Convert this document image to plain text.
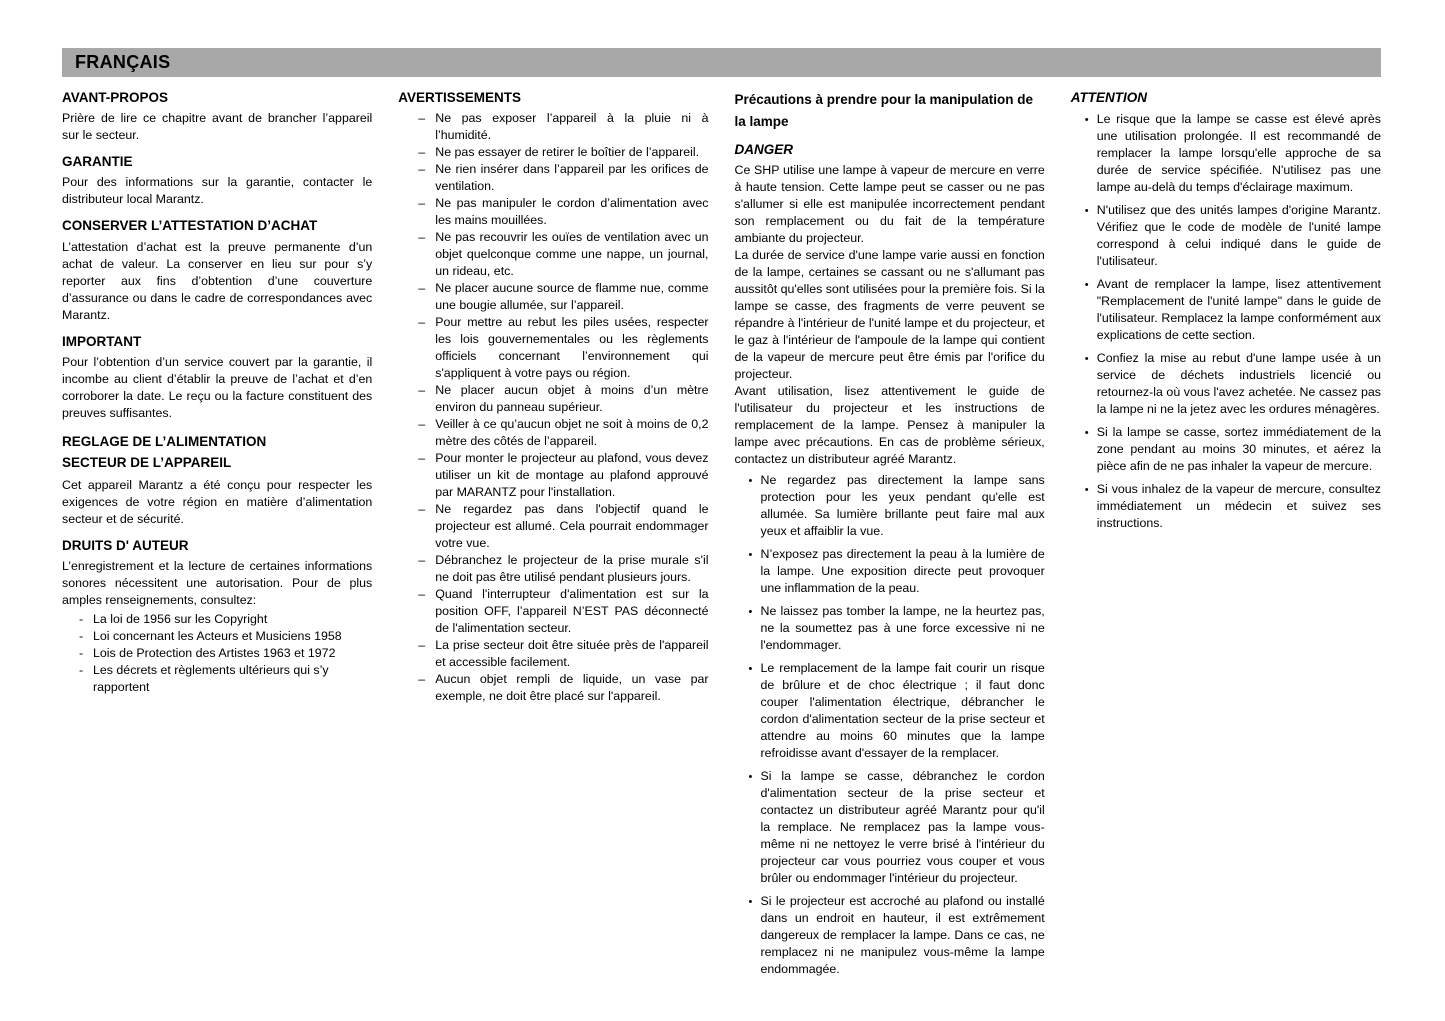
FRANÇAIS
AVANT-PROPOS

Prière de lire ce chapitre avant de brancher l’appareil sur le secteur.

GARANTIE

Pour des informations sur la garantie, contacter le distributeur local Marantz.

CONSERVER L’ATTESTATION D’ACHAT

L’attestation d’achat est la preuve permanente d’un achat de valeur. La conserver en lieu sur pour s’y reporter aux fins d’obtention d’une couverture d’assurance ou dans le cadre de correspondances avec Marantz.

IMPORTANT

Pour l’obtention d’un service couvert par la garantie, il incombe au client d’établir la preuve de l’achat et d’en corroborer la date. Le reçu ou la facture constituent des preuves suffisantes.

REGLAGE DE L’ALIMENTATION
SECTEUR DE L’APPAREIL

Cet appareil Marantz a été conçu pour respecter les exigences de votre région en matière d’alimentation secteur et de sécurité.

DRUITS D' AUTEUR

L’enregistrement et la lecture de certaines informations sonores nécessitent une autorisation. Pour de plus amples renseignements, consultez:

- La loi de 1956 sur les Copyright
- Loi concernant les Acteurs et Musiciens 1958
- Lois de Protection des Artistes 1963 et 1972
- Les décrets et règlements ultérieurs qui s’y rapportent
AVERTISSEMENTS
– Ne pas exposer l’appareil à la pluie ni à l’humidité.
– Ne pas essayer de retirer le boîtier de l’appareil.
– Ne rien insérer dans l’appareil par les orifices de ventilation.
– Ne pas manipuler le cordon d’alimentation avec les mains mouillées.
– Ne pas recouvrir les ouïes de ventilation avec un objet quelconque comme une nappe, un journal, un rideau, etc.
– Ne placer aucune source de flamme nue, comme une bougie allumée, sur l’appareil.
– Pour mettre au rebut les piles usées, respecter les lois gouvernementales ou les règlements officiels concernant l’environnement qui s'appliquent à votre pays ou région.
– Ne placer aucun objet à moins d’un mètre environ du panneau supérieur.
– Veiller à ce qu’aucun objet ne soit à moins de 0,2 mètre des côtés de l’appareil.
– Pour monter le projecteur au plafond, vous devez utiliser un kit de montage au plafond approuvé par MARANTZ pour l'installation.
– Ne regardez pas dans l'objectif quand le projecteur est allumé. Cela pourrait endommager votre vue.
– Débranchez le projecteur de la prise murale s'il ne doit pas être utilisé pendant plusieurs jours.
– Quand l'interrupteur d'alimentation est sur la position OFF, l’appareil N’EST PAS déconnecté de l'alimentation secteur.
– La prise secteur doit être située près de l'appareil et accessible facilement.
– Aucun objet rempli de liquide, un vase par exemple, ne doit être placé sur l'appareil.
Précautions à prendre pour la manipulation de la lampe
DANGER

Ce SHP utilise une lampe à vapeur de mercure en verre à haute tension. Cette lampe peut se casser ou ne pas s'allumer si elle est manipulée incorrectement pendant son remplacement ou du fait de la température ambiante du projecteur.

La durée de service d'une lampe varie aussi en fonction de la lampe, certaines se cassant ou ne s'allumant pas aussitôt qu'elles sont utilisées pour la première fois. Si la lampe se casse, des fragments de verre peuvent se répandre à l'intérieur de l'unité lampe et du projecteur, et le gaz à l'intérieur de l'ampoule de la lampe qui contient de la vapeur de mercure peut être émis par l'orifice du projecteur.

Avant utilisation, lisez attentivement le guide de l'utilisateur du projecteur et les instructions de remplacement de la lampe. Pensez à manipuler la lampe avec précautions. En cas de problème sérieux, contactez un distributeur agréé Marantz.

• Ne regardez pas directement la lampe sans protection pour les yeux pendant qu'elle est allumée. Sa lumière brillante peut faire mal aux yeux et affaiblir la vue.
• N’exposez pas directement la peau à la lumière de la lampe. Une exposition directe peut provoquer une inflammation de la peau.
• Ne laissez pas tomber la lampe, ne la heurtez pas, ne la soumettez pas à une force excessive ni ne l'endommager.
• Le remplacement de la lampe fait courir un risque de brûlure et de choc électrique ; il faut donc couper l'alimentation électrique, débrancher le cordon d'alimentation secteur de la prise secteur et attendre au moins 60 minutes que la lampe refroidisse avant d'essayer de la remplacer.
• Si la lampe se casse, débranchez le cordon d'alimentation secteur de la prise secteur et contactez un distributeur agréé Marantz pour qu'il la remplace. Ne remplacez pas la lampe vous-même ni ne nettoyez le verre brisé à l'intérieur du projecteur car vous pourriez vous couper et vous brûler ou endommager l'intérieur du projecteur.
• Si le projecteur est accroché au plafond ou installé dans un endroit en hauteur, il est extrêmement dangereux de remplacer la lampe. Dans ce cas, ne remplacez ni ne manipulez vous-même la lampe endommagée.
ATTENTION
• Le risque que la lampe se casse est élevé après une utilisation prolongée. Il est recommandé de remplacer la lampe lorsqu'elle approche de sa durée de service spécifiée. N'utilisez pas une lampe au-delà du temps d'éclairage maximum.
• N'utilisez que des unités lampes d'origine Marantz. Vérifiez que le code de modèle de l'unité lampe correspond à celui indiqué dans le guide de l'utilisateur.
• Avant de remplacer la lampe, lisez attentivement "Remplacement de l'unité lampe" dans le guide de l'utilisateur. Remplacez la lampe conformément aux explications de cette section.
• Confiez la mise au rebut d'une lampe usée à un service de déchets industriels licencié ou retournez-la où vous l'avez achetée. Ne cassez pas la lampe ni ne la jetez avec les ordures ménagères.
• Si la lampe se casse, sortez immédiatement de la zone pendant au moins 30 minutes, et aérez la pièce afin de ne pas inhaler la vapeur de mercure.
• Si vous inhalez de la vapeur de mercure, consultez immédiatement un médecin et suivez ses instructions.
